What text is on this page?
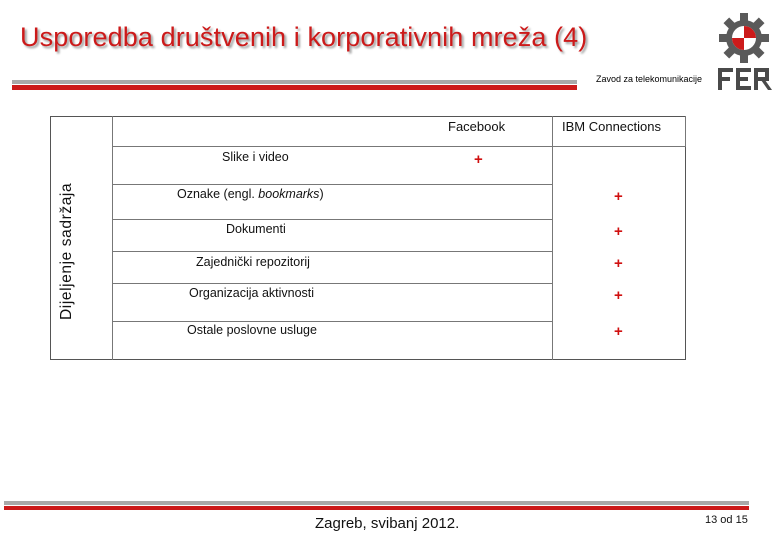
Usporedba društvenih i korporativnih mreža (4)
Zavod za telekomunikacije
Dijeljenje sadržaja
Facebook	IBM Connections
Slike i video
Oznake (engl. bookmarks)
Dokumenti
Zajednički repozitorij
Organizacija aktivnosti
Ostale poslovne usluge
+
+
+
+
+
+
Zagreb, svibanj 2012.	13 od 15
